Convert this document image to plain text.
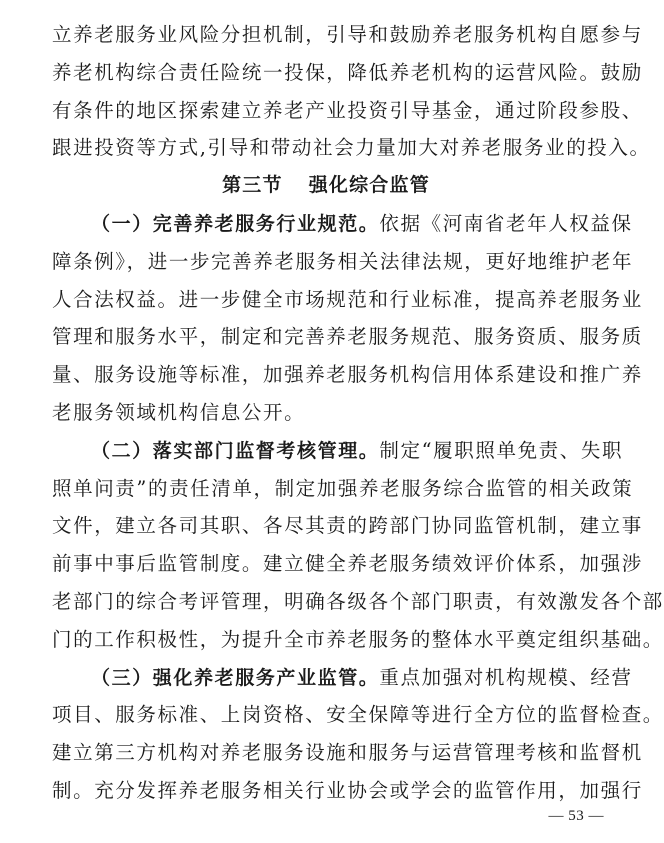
立养老服务业风险分担机制，引导和鼓励养老服务机构自愿参与
养老机构综合责任险统一投保，降低养老机构的运营风险。鼓励
有条件的地区探索建立养老产业投资引导基金，通过阶段参股、
跟进投资等方式,引导和带动社会力量加大对养老服务业的投入。
第三节 强化综合监管
（一）完善养老服务行业规范。依据《河南省老年人权益保
障条例》，进一步完善养老服务相关法律法规，更好地维护老年
人合法权益。进一步健全市场规范和行业标准，提高养老服务业
管理和服务水平，制定和完善养老服务规范、服务资质、服务质
量、服务设施等标准，加强养老服务机构信用体系建设和推广养
老服务领域机构信息公开。
（二）落实部门监督考核管理。制定“履职照单免责、失职
照单问责”的责任清单，制定加强养老服务综合监管的相关政策
文件，建立各司其职、各尽其责的跨部门协同监管机制，建立事
前事中事后监管制度。建立健全养老服务绩效评价体系，加强涉
老部门的综合考评管理，明确各级各个部门职责，有效激发各个部
门的工作积极性，为提升全市养老服务的整体水平奠定组织基础。
（三）强化养老服务产业监管。重点加强对机构规模、经营
项目、服务标准、上岗资格、安全保障等进行全方位的监督检查。
建立第三方机构对养老服务设施和服务与运营管理考核和监督机
制。充分发挥养老服务相关行业协会或学会的监管作用，加强行
— 53 —
